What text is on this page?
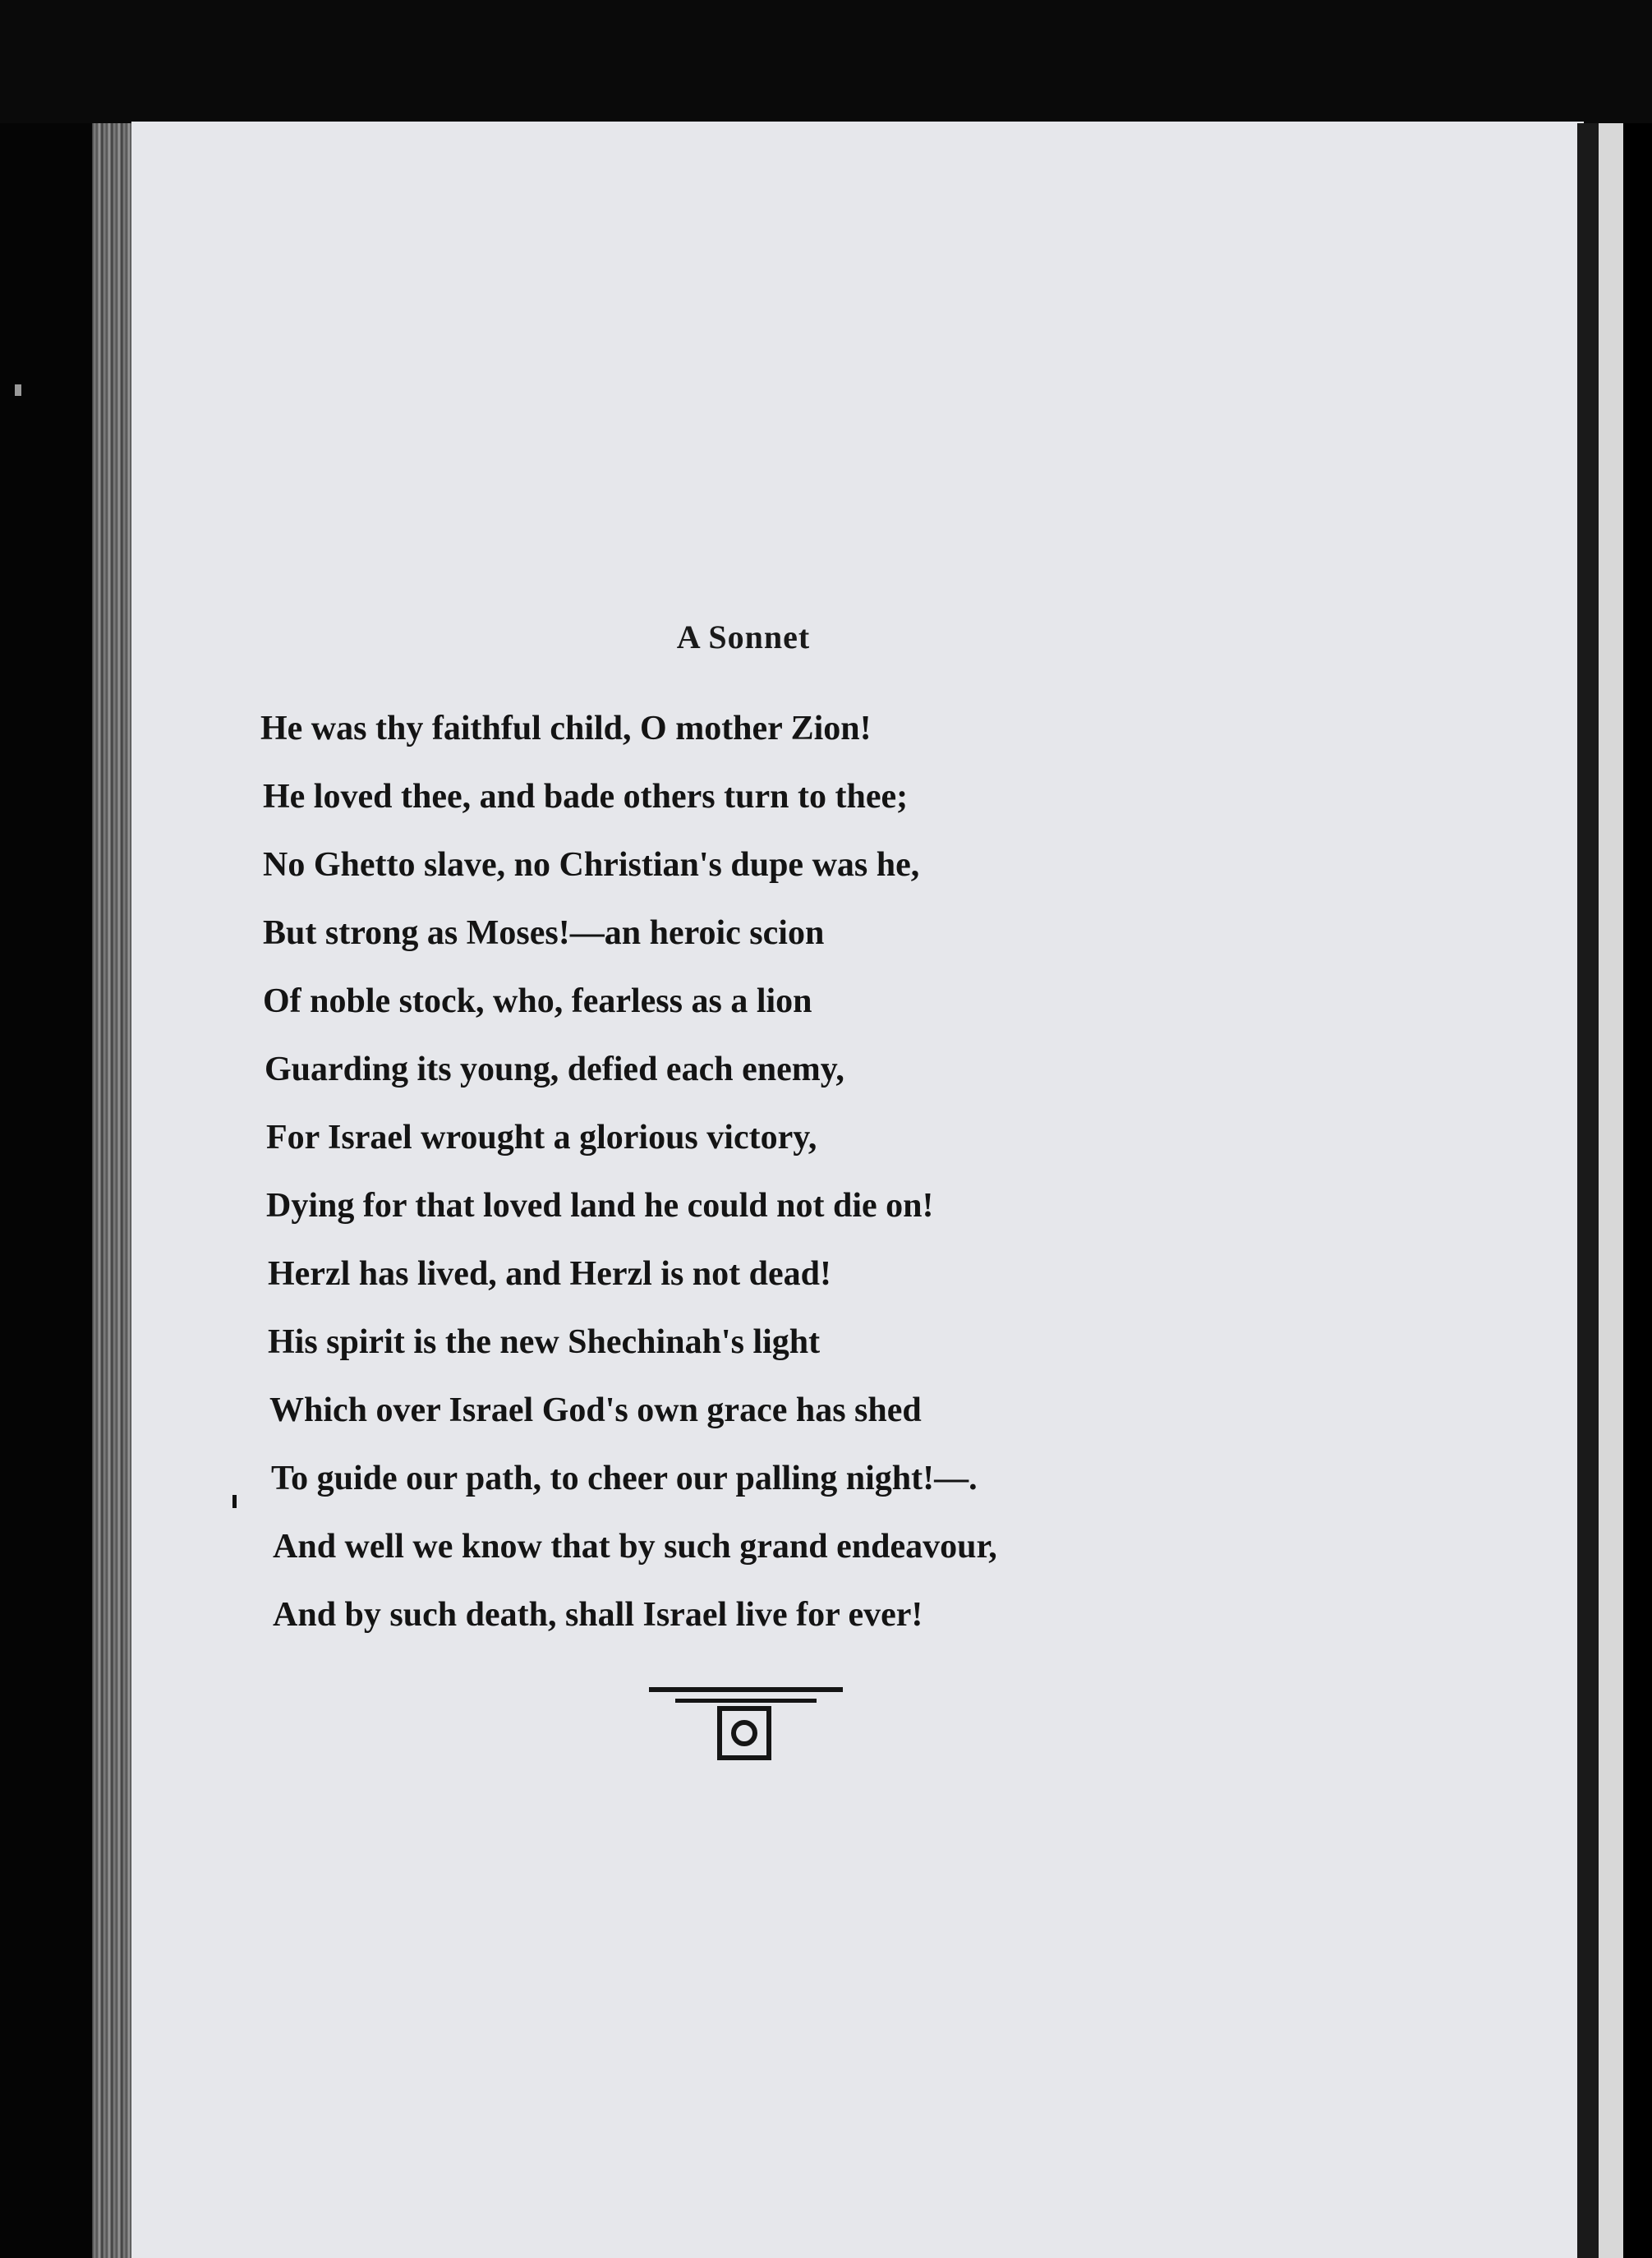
A Sonnet
He was thy faithful child, O mother Zion!
He loved thee, and bade others turn to thee;
No Ghetto slave, no Christian's dupe was he,
But strong as Moses!—an heroic scion
Of noble stock, who, fearless as a lion
Guarding its young, defied each enemy,
For Israel wrought a glorious victory,
Dying for that loved land he could not die on!
Herzl has lived, and Herzl is not dead!
His spirit is the new Shechinah's light
Which over Israel God's own grace has shed
To guide our path, to cheer our palling night!—.
And well we know that by such grand endeavour,
And by such death, shall Israel live for ever!
